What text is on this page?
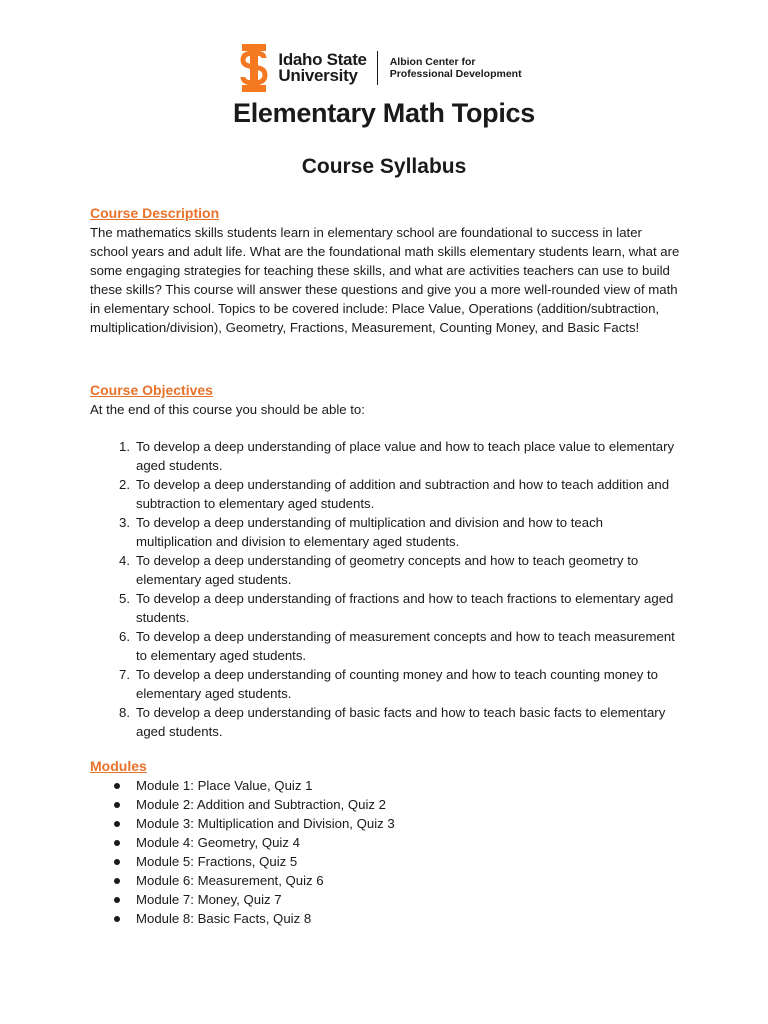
Idaho State
University
Albion Center for
Professional Development
Elementary Math Topics
Course Syllabus

Course Description

The mathematics skills students learn in elementary school are foundational to success in later school years and adult life. What are the foundational math skills elementary students learn, what are some engaging strategies for teaching these skills, and what are activities teachers can use to build these skills? This course will answer these questions and give you a more well-rounded view of math in elementary school. Topics to be covered include: Place Value, Operations (addition/subtraction, multiplication/division), Geometry, Fractions, Measurement, Counting Money, and Basic Facts!

Course Objectives

At the end of this course you should be able to:

1. To develop a deep understanding of place value and how to teach place value to elementary aged students.
2. To develop a deep understanding of addition and subtraction and how to teach addition and subtraction to elementary aged students.
3. To develop a deep understanding of multiplication and division and how to teach multiplication and division to elementary aged students.
4. To develop a deep understanding of geometry concepts and how to teach geometry to elementary aged students.
5. To develop a deep understanding of fractions and how to teach fractions to elementary aged students.
6. To develop a deep understanding of measurement concepts and how to teach measurement to elementary aged students.
7. To develop a deep understanding of counting money and how to teach counting money to elementary aged students.
8. To develop a deep understanding of basic facts and how to teach basic facts to elementary aged students.

Modules

Module 1: Place Value, Quiz 1
Module 2: Addition and Subtraction, Quiz 2
Module 3: Multiplication and Division, Quiz 3
Module 4: Geometry, Quiz 4
Module 5: Fractions, Quiz 5
Module 6: Measurement, Quiz 6
Module 7: Money, Quiz 7
Module 8: Basic Facts, Quiz 8
